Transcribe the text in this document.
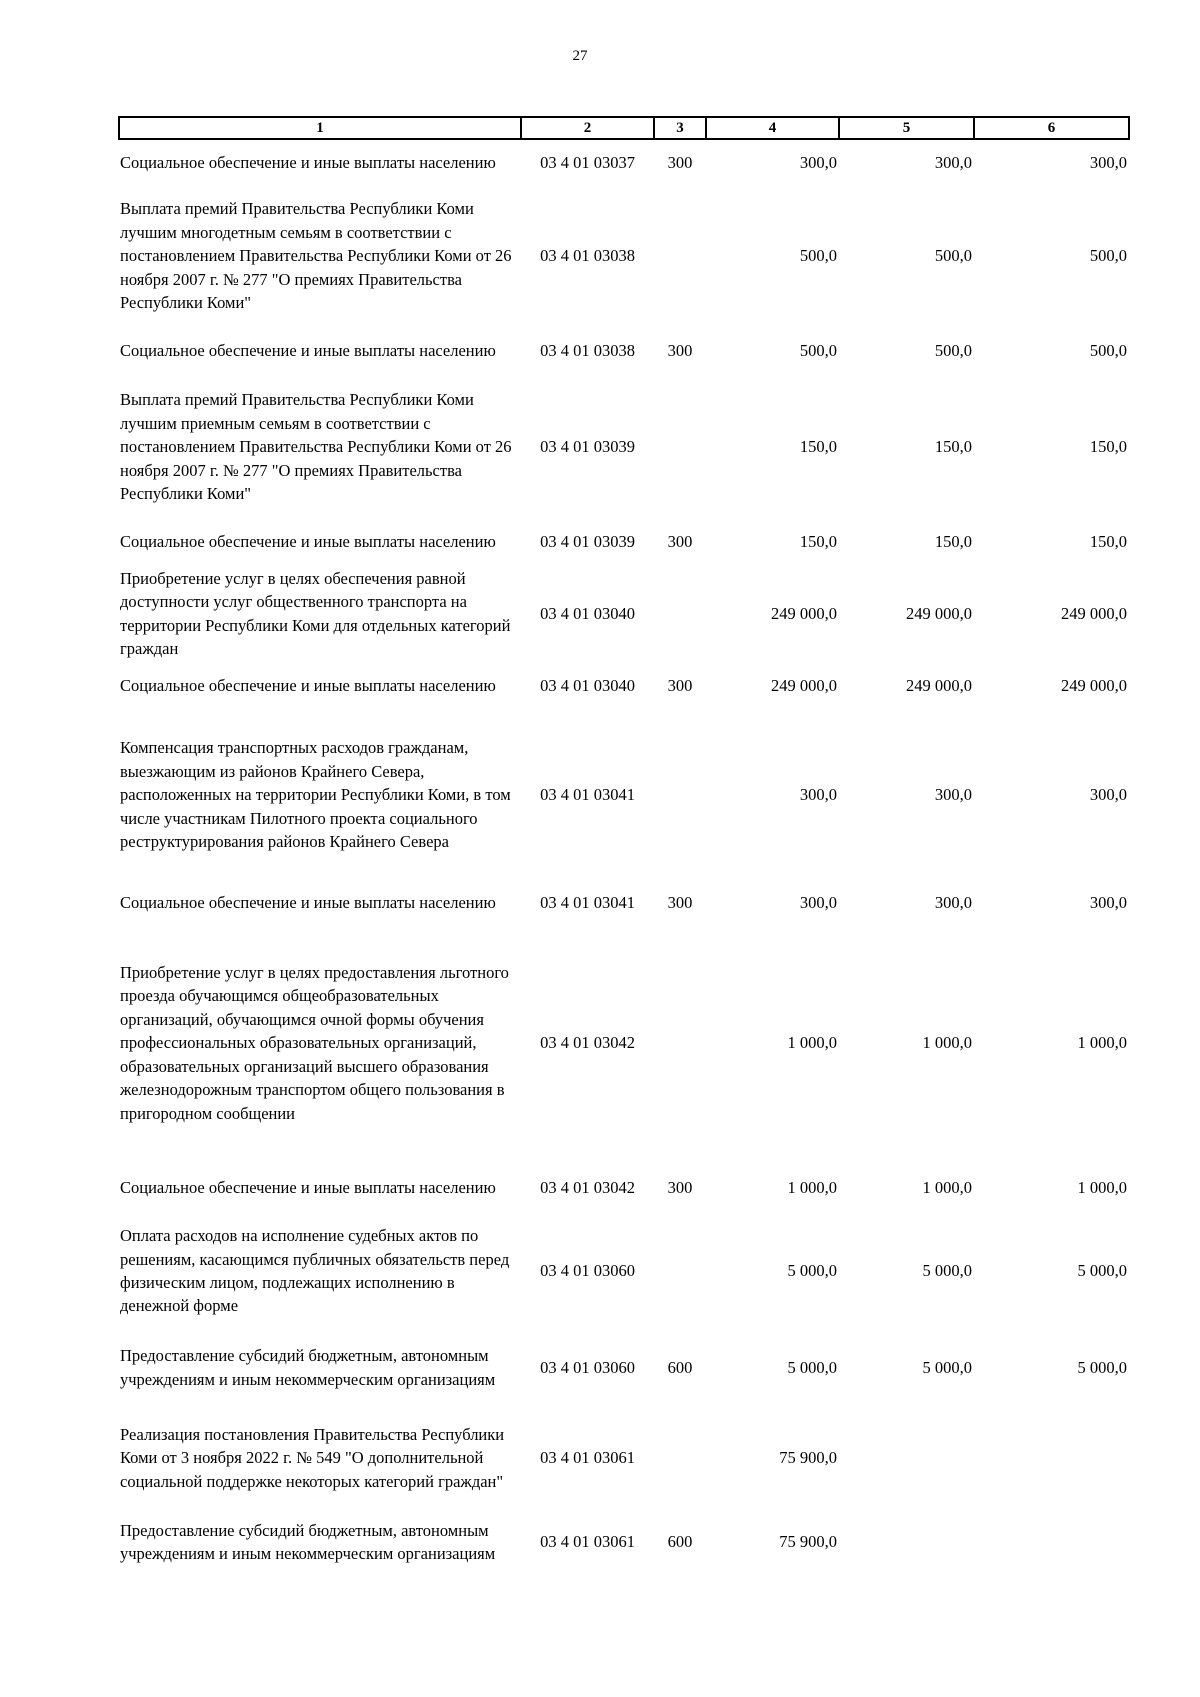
27
1	2	3	4	5	6
Социальное обеспечение и иные выплаты населению	03 4 01 03037	300	300,0	300,0	300,0
Выплата премий Правительства Республики Коми лучшим многодетным семьям в соответствии с постановлением Правительства Республики Коми от 26 ноября 2007 г. № 277 "О премиях Правительства Республики Коми"	03 4 01 03038		500,0	500,0	500,0
Социальное обеспечение и иные выплаты населению	03 4 01 03038	300	500,0	500,0	500,0
Выплата премий Правительства Республики Коми лучшим приемным семьям в соответствии с постановлением Правительства Республики Коми от 26 ноября 2007 г. № 277 "О премиях Правительства Республики Коми"	03 4 01 03039		150,0	150,0	150,0
Социальное обеспечение и иные выплаты населению	03 4 01 03039	300	150,0	150,0	150,0
Приобретение услуг в целях обеспечения равной доступности услуг общественного транспорта на территории Республики Коми для отдельных категорий граждан	03 4 01 03040		249 000,0	249 000,0	249 000,0
Социальное обеспечение и иные выплаты населению	03 4 01 03040	300	249 000,0	249 000,0	249 000,0
Компенсация транспортных расходов гражданам, выезжающим из районов Крайнего Севера, расположенных на территории Республики Коми, в том числе участникам Пилотного проекта социального реструктурирования районов Крайнего Севера	03 4 01 03041		300,0	300,0	300,0
Социальное обеспечение и иные выплаты населению	03 4 01 03041	300	300,0	300,0	300,0
Приобретение услуг в целях предоставления льготного проезда обучающимся общеобразовательных организаций, обучающимся очной формы обучения профессиональных образовательных организаций, образовательных организаций высшего образования железнодорожным транспортом общего пользования в пригородном сообщении	03 4 01 03042		1 000,0	1 000,0	1 000,0
Социальное обеспечение и иные выплаты населению	03 4 01 03042	300	1 000,0	1 000,0	1 000,0
Оплата расходов на исполнение судебных актов по решениям, касающимся публичных обязательств перед физическим лицом, подлежащих исполнению в денежной форме	03 4 01 03060		5 000,0	5 000,0	5 000,0
Предоставление субсидий бюджетным, автономным учреждениям и иным некоммерческим организациям	03 4 01 03060	600	5 000,0	5 000,0	5 000,0
Реализация постановления Правительства Республики Коми от 3 ноября 2022 г. № 549 "О дополнительной социальной поддержке некоторых категорий граждан"	03 4 01 03061		75 900,0		
Предоставление субсидий бюджетным, автономным учреждениям и иным некоммерческим организациям	03 4 01 03061	600	75 900,0		
